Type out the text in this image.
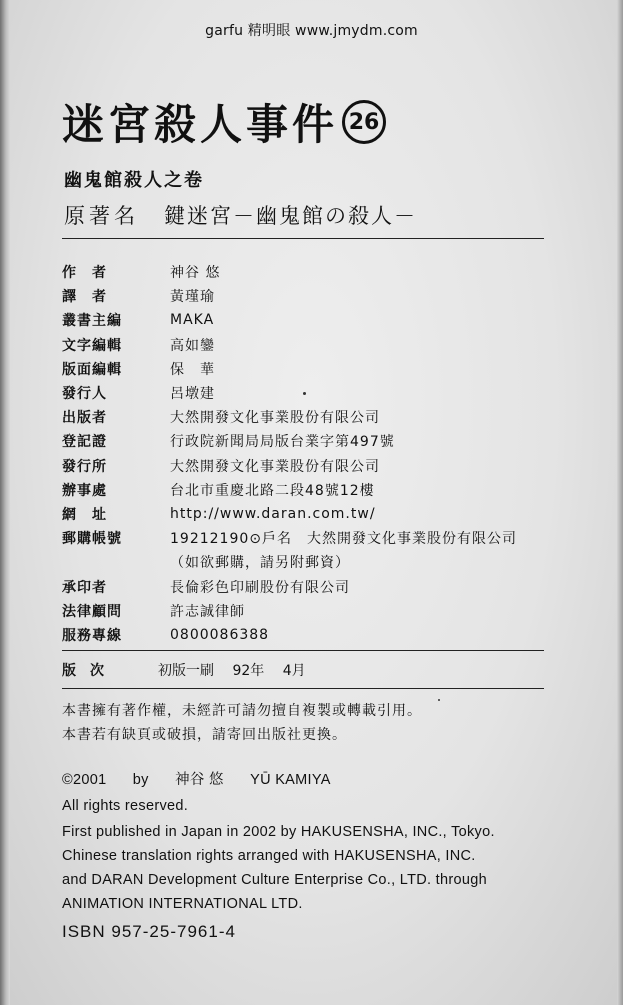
garfu 精明眼 www.jmydm.com
迷宮殺人事件 26
幽鬼館殺人之卷
原著名	鍵迷宮－幽鬼館の殺人－
作　者	神谷 悠
譯　者	黃瑾瑜
叢書主編	MAKA
文字編輯	高如鑾
版面編輯	保　華
發行人	呂墩建
出版者	大然開發文化事業股份有限公司
登記證	行政院新聞局局版台業字第497號
發行所	大然開發文化事業股份有限公司
辦事處	台北市重慶北路二段48號12樓
網　址	http://www.daran.com.tw/
郵購帳號	19212190⊙戶名　大然開發文化事業股份有限公司
（如欲郵購，請另附郵資）
承印者	長倫彩色印刷股份有限公司
法律顧問	許志誠律師
服務專線	0800086388
版　次	初版一刷 92年 4月
本書擁有著作權，未經許可請勿擅自複製或轉載引用。
本書若有缺頁或破損，請寄回出版社更換。
©2001 by 神谷 悠 YŪ KAMIYA
All rights reserved.
First published in Japan in 2002 by HAKUSENSHA, INC., Tokyo.
Chinese translation rights arranged with HAKUSENSHA, INC.
and DARAN Development Culture Enterprise Co., LTD. through
ANIMATION INTERNATIONAL LTD.
ISBN 957-25-7961-4
